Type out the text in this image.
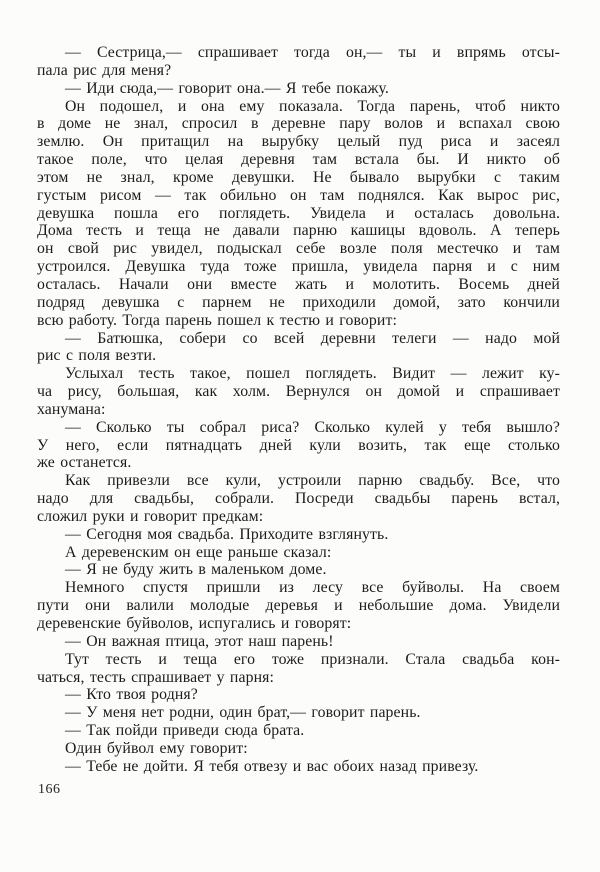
— Сестрица,— спрашивает тогда он,— ты и впрямь отсы-
пала рис для меня?
— Иди сюда,— говорит она.— Я тебе покажу.
Он подошел, и она ему показала. Тогда парень, чтоб никто
в доме не знал, спросил в деревне пару волов и вспахал свою
землю. Он притащил на вырубку целый пуд риса и засеял
такое поле, что целая деревня там встала бы. И никто об
этом не знал, кроме девушки. Не бывало вырубки с таким
густым рисом — так обильно он там поднялся. Как вырос рис,
девушка пошла его поглядеть. Увидела и осталась довольна.
Дома тесть и теща не давали парню кашицы вдоволь. А теперь
он свой рис увидел, подыскал себе возле поля местечко и там
устроился. Девушка туда тоже пришла, увидела парня и с ним
осталась. Начали они вместе жать и молотить. Восемь дней
подряд девушка с парнем не приходили домой, зато кончили
всю работу. Тогда парень пошел к тестю и говорит:
— Батюшка, собери со всей деревни телеги — надо мой
рис с поля везти.
Услыхал тесть такое, пошел поглядеть. Видит — лежит ку-
ча рису, большая, как холм. Вернулся он домой и спрашивает
ханумана:
— Сколько ты собрал риса? Сколько кулей у тебя вышло?
У него, если пятнадцать дней кули возить, так еще столько
же останется.
Как привезли все кули, устроили парню свадьбу. Все, что
надо для свадьбы, собрали. Посреди свадьбы парень встал,
сложил руки и говорит предкам:
— Сегодня моя свадьба. Приходите взглянуть.
А деревенским он еще раньше сказал:
— Я не буду жить в маленьком доме.
Немного спустя пришли из лесу все буйволы. На своем
пути они валили молодые деревья и небольшие дома. Увидели
деревенские буйволов, испугались и говорят:
— Он важная птица, этот наш парень!
Тут тесть и теща его тоже признали. Стала свадьба кон-
чаться, тесть спрашивает у парня:
— Кто твоя родня?
— У меня нет родни, один брат,— говорит парень.
— Так пойди приведи сюда брата.
Один буйвол ему говорит:
— Тебе не дойти. Я тебя отвезу и вас обоих назад привезу.
166
